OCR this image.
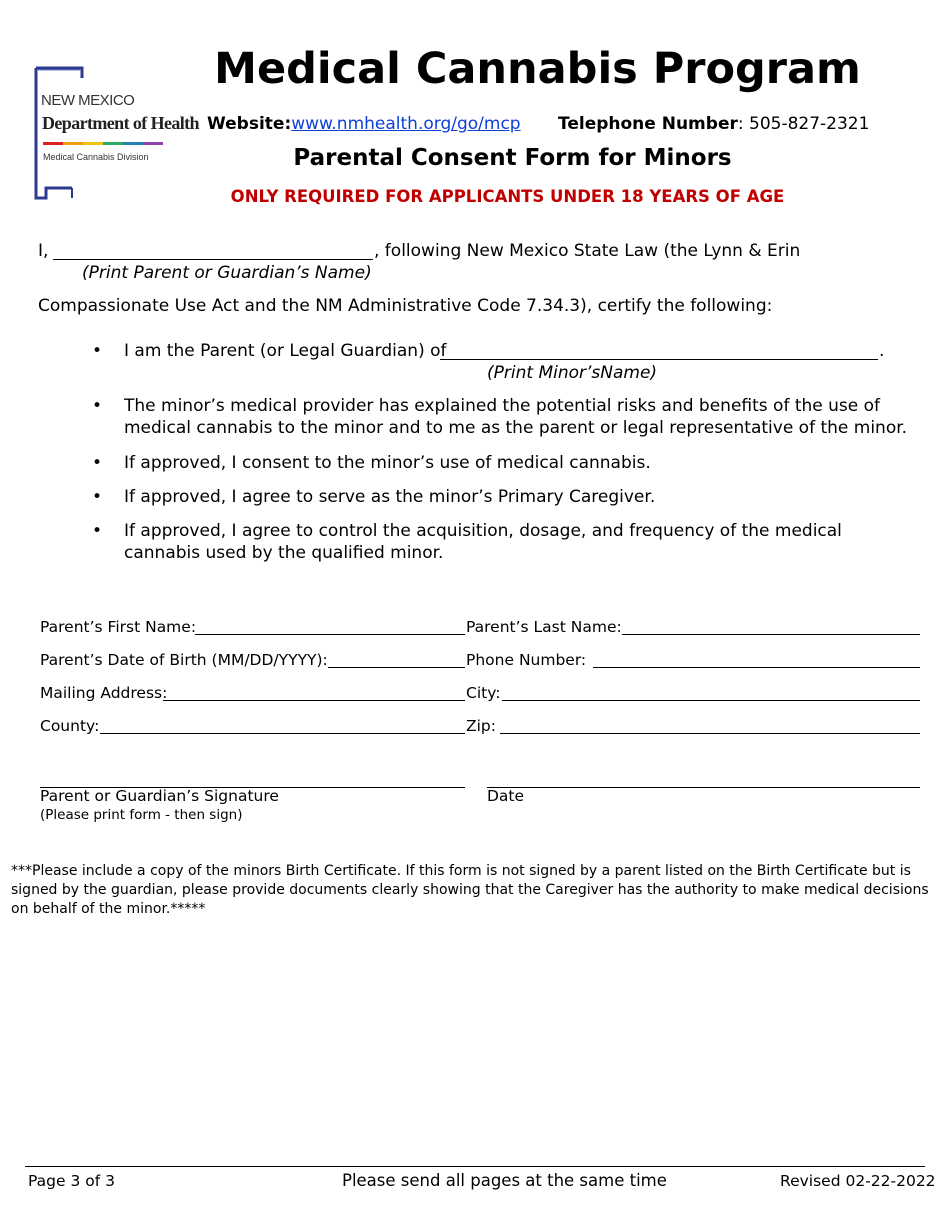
NEW MEXICO
Department of Health
Medical Cannabis Division
Medical Cannabis Program
Website:www.nmhealth.org/go/mcp Telephone Number: 505-827-2321
Parental Consent Form for Minors
ONLY REQUIRED FOR APPLICANTS UNDER 18 YEARS OF AGE
I,	, following New Mexico State Law (the Lynn & Erin
(Print Parent or Guardian’s Name)
Compassionate Use Act and the NM Administrative Code 7.34.3), certify the following:
• I am the Parent (or Legal Guardian) of
• The minor’s medical provider has explained the potential risks and benefits of the use of medical cannabis to the minor and to me as the parent or legal representative of the minor.
• If approved, I consent to the minor’s use of medical cannabis.
• If approved, I agree to serve as the minor’s Primary Caregiver.
• If approved, I agree to control the acquisition, dosage, and frequency of the medical cannabis used by the qualified minor.
.
(Print Minor’sName)
Parent’s First Name:	Parent’s Last Name:
Parent’s Date of Birth (MM/DD/YYYY):	Phone Number:
Mailing Address:	City:
County:	Zip:
Parent or Guardian’s Signature
(Please print form - then sign)
Date
***Please include a copy of the minors Birth Certificate. If this form is not signed by a parent listed on the Birth Certificate but is signed by the guardian, please provide documents clearly showing that the Caregiver has the authority to make medical decisions on behalf of the minor.*****
Page 3 of 3	Please send all pages at the same time	Revised 02-22-2022
